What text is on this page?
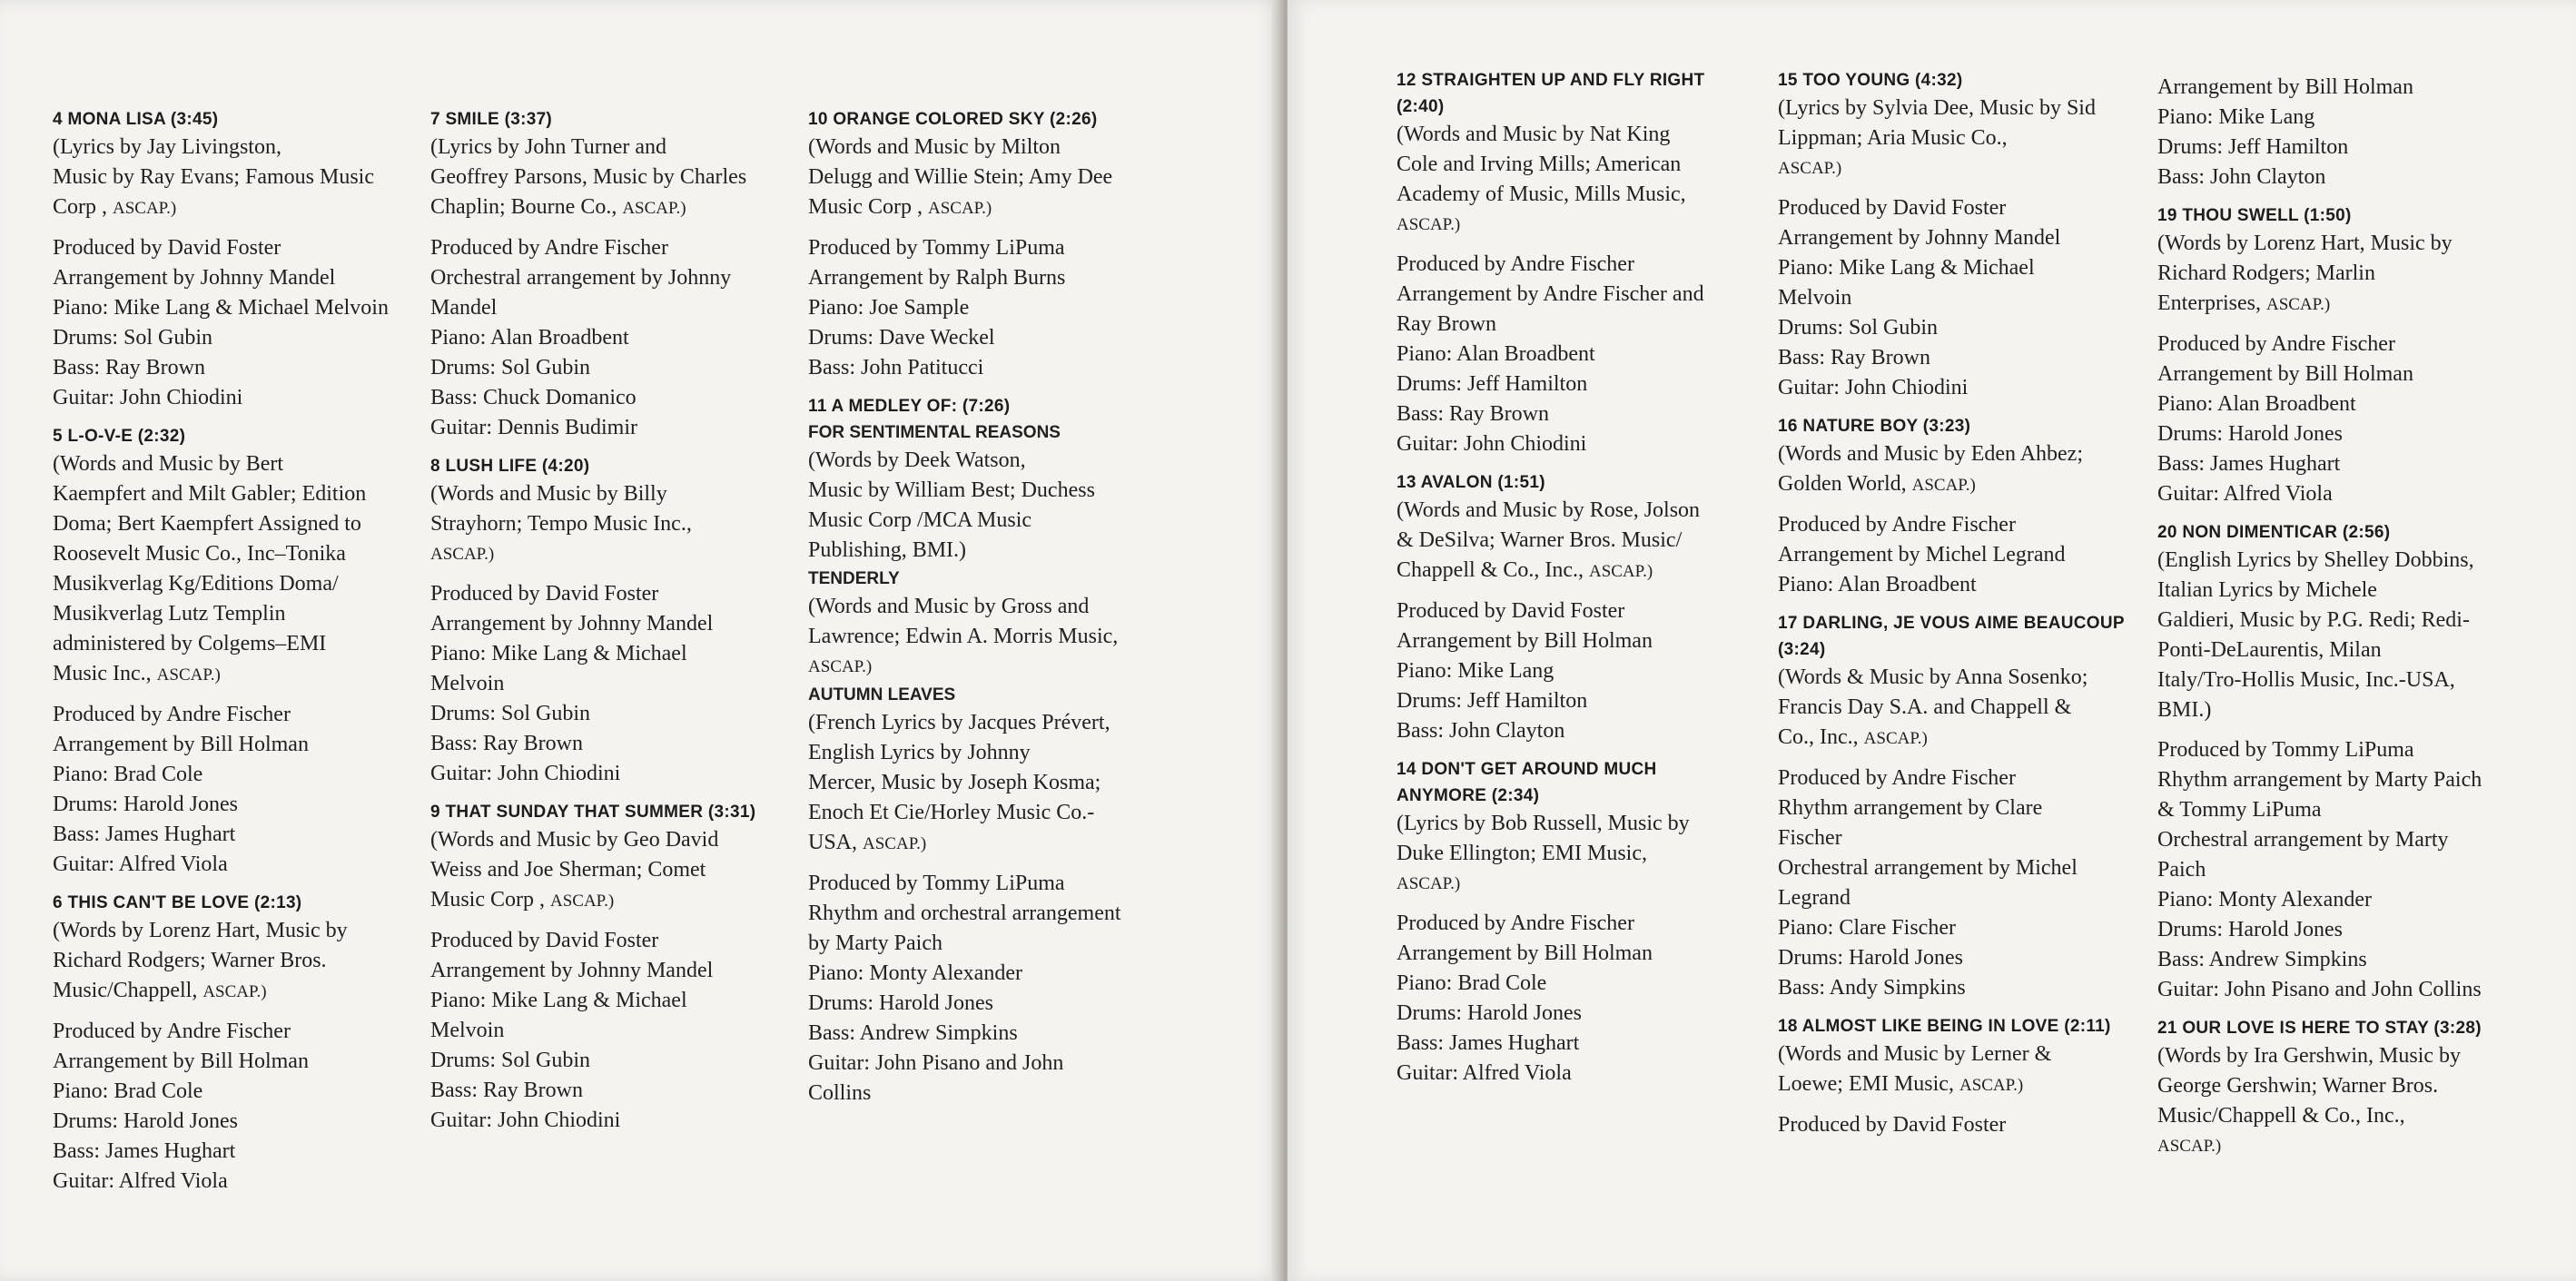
4 MONA LISA (3:45)

(Lyrics by Jay Livingston,

Music by Ray Evans; Famous Music

Corp , ASCAP.)

Produced by David Foster

Arrangement by Johnny Mandel

Piano: Mike Lang & Michael Melvoin

Drums: Sol Gubin

Bass: Ray Brown

Guitar: John Chiodini

5 L-O-V-E (2:32)

(Words and Music by Bert

Kaempfert and Milt Gabler; Edition

Doma; Bert Kaempfert Assigned to

Roosevelt Music Co., Inc–Tonika

Musikverlag Kg/Editions Doma/

Musikverlag Lutz Templin

administered by Colgems–EMI

Music Inc., ASCAP.)

Produced by Andre Fischer

Arrangement by Bill Holman

Piano: Brad Cole

Drums: Harold Jones

Bass: James Hughart

Guitar: Alfred Viola

6 THIS CAN'T BE LOVE (2:13)

(Words by Lorenz Hart, Music by

Richard Rodgers; Warner Bros.

Music/Chappell, ASCAP.)

Produced by Andre Fischer

Arrangement by Bill Holman

Piano: Brad Cole

Drums: Harold Jones

Bass: James Hughart

Guitar: Alfred Viola

7 SMILE (3:37)

(Lyrics by John Turner and

Geoffrey Parsons, Music by Charles

Chaplin; Bourne Co., ASCAP.)

Produced by Andre Fischer

Orchestral arrangement by Johnny

Mandel

Piano: Alan Broadbent

Drums: Sol Gubin

Bass: Chuck Domanico

Guitar: Dennis Budimir

8 LUSH LIFE (4:20)

(Words and Music by Billy

Strayhorn; Tempo Music Inc.,

ASCAP.)

Produced by David Foster

Arrangement by Johnny Mandel

Piano: Mike Lang & Michael

Melvoin

Drums: Sol Gubin

Bass: Ray Brown

Guitar: John Chiodini

9 THAT SUNDAY THAT SUMMER (3:31)

(Words and Music by Geo David

Weiss and Joe Sherman; Comet

Music Corp , ASCAP.)

Produced by David Foster

Arrangement by Johnny Mandel

Piano: Mike Lang & Michael

Melvoin

Drums: Sol Gubin

Bass: Ray Brown

Guitar: John Chiodini

10 ORANGE COLORED SKY (2:26)

(Words and Music by Milton

Delugg and Willie Stein; Amy Dee

Music Corp , ASCAP.)

Produced by Tommy LiPuma

Arrangement by Ralph Burns

Piano: Joe Sample

Drums: Dave Weckel

Bass: John Patitucci

11 A MEDLEY OF: (7:26)

FOR SENTIMENTAL REASONS

(Words by Deek Watson,

Music by William Best; Duchess

Music Corp /MCA Music

Publishing, BMI.)

TENDERLY

(Words and Music by Gross and

Lawrence; Edwin A. Morris Music,

ASCAP.)

AUTUMN LEAVES

(French Lyrics by Jacques Prévert,

English Lyrics by Johnny

Mercer, Music by Joseph Kosma;

Enoch Et Cie/Horley Music Co.-

USA, ASCAP.)

Produced by Tommy LiPuma

Rhythm and orchestral arrangement

by Marty Paich

Piano: Monty Alexander

Drums: Harold Jones

Bass: Andrew Simpkins

Guitar: John Pisano and John

Collins

12 STRAIGHTEN UP AND FLY RIGHT

(2:40)

(Words and Music by Nat King

Cole and Irving Mills; American

Academy of Music, Mills Music,

ASCAP.)

Produced by Andre Fischer

Arrangement by Andre Fischer and

Ray Brown

Piano: Alan Broadbent

Drums: Jeff Hamilton

Bass: Ray Brown

Guitar: John Chiodini

13 AVALON (1:51)

(Words and Music by Rose, Jolson

& DeSilva; Warner Bros. Music/

Chappell & Co., Inc., ASCAP.)

Produced by David Foster

Arrangement by Bill Holman

Piano: Mike Lang

Drums: Jeff Hamilton

Bass: John Clayton

14 DON'T GET AROUND MUCH

ANYMORE (2:34)

(Lyrics by Bob Russell, Music by

Duke Ellington; EMI Music,

ASCAP.)

Produced by Andre Fischer

Arrangement by Bill Holman

Piano: Brad Cole

Drums: Harold Jones

Bass: James Hughart

Guitar: Alfred Viola

15 TOO YOUNG (4:32)

(Lyrics by Sylvia Dee, Music by Sid

Lippman; Aria Music Co.,

ASCAP.)

Produced by David Foster

Arrangement by Johnny Mandel

Piano: Mike Lang & Michael

Melvoin

Drums: Sol Gubin

Bass: Ray Brown

Guitar: John Chiodini

16 NATURE BOY (3:23)

(Words and Music by Eden Ahbez;

Golden World, ASCAP.)

Produced by Andre Fischer

Arrangement by Michel Legrand

Piano: Alan Broadbent

17 DARLING, JE VOUS AIME BEAUCOUP

(3:24)

(Words & Music by Anna Sosenko;

Francis Day S.A. and Chappell &

Co., Inc., ASCAP.)

Produced by Andre Fischer

Rhythm arrangement by Clare

Fischer

Orchestral arrangement by Michel

Legrand

Piano: Clare Fischer

Drums: Harold Jones

Bass: Andy Simpkins

18 ALMOST LIKE BEING IN LOVE (2:11)

(Words and Music by Lerner &

Loewe; EMI Music, ASCAP.)

Produced by David Foster

Arrangement by Bill Holman

Piano: Mike Lang

Drums: Jeff Hamilton

Bass: John Clayton

19 THOU SWELL (1:50)

(Words by Lorenz Hart, Music by

Richard Rodgers; Marlin

Enterprises, ASCAP.)

Produced by Andre Fischer

Arrangement by Bill Holman

Piano: Alan Broadbent

Drums: Harold Jones

Bass: James Hughart

Guitar: Alfred Viola

20 NON DIMENTICAR (2:56)

(English Lyrics by Shelley Dobbins,

Italian Lyrics by Michele

Galdieri, Music by P.G. Redi; Redi-

Ponti-DeLaurentis, Milan

Italy/Tro-Hollis Music, Inc.-USA,

BMI.)

Produced by Tommy LiPuma

Rhythm arrangement by Marty Paich

& Tommy LiPuma

Orchestral arrangement by Marty

Paich

Piano: Monty Alexander

Drums: Harold Jones

Bass: Andrew Simpkins

Guitar: John Pisano and John Collins

21 OUR LOVE IS HERE TO STAY (3:28)

(Words by Ira Gershwin, Music by

George Gershwin; Warner Bros.

Music/Chappell & Co., Inc.,

ASCAP.)
